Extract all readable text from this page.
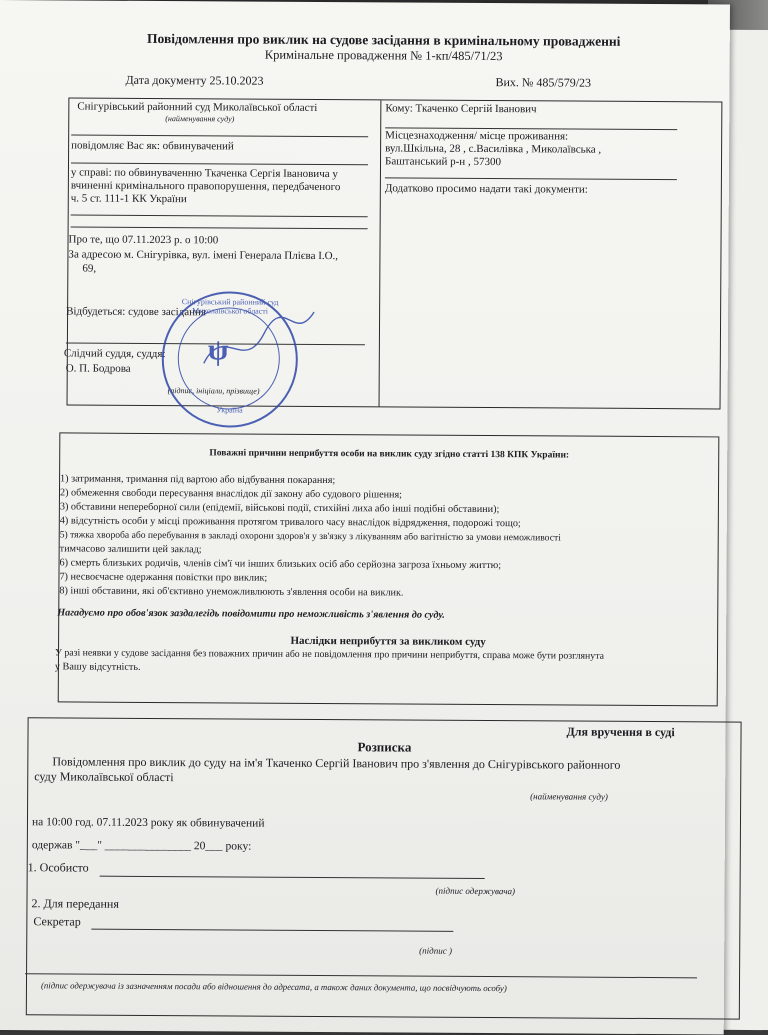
Повідомлення про виклик на судове засідання в кримінальному провадженні
Кримінальне провадження № 1-кп/485/71/23
Дата документу 25.10.2023	Вих. № 485/579/23
Снігурівський районний суд Миколаївської області
(найменування суду)
повідомляє Вас як: обвинувачений
у справі: по обвинуваченню Ткаченка Сергія Івановича у
вчиненні кримінального правопорушення, передбаченого
ч. 5 ст. 111-1 КК України
Про те, що 07.11.2023 р. о 10:00
За адресою м. Снігурівка, вул. імені Генерала Плієва І.О.,
69,
Відбудеться: судове засідання
Слідчий суддя, суддя:
О. П. Бодрова
(підпис, ініціали, прізвище)
Кому: Ткаченко Сергій Іванович
Місцезнаходження/ місце проживання:
вул.Шкільна, 28 , с.Василівка , Миколаївська ,
Баштанський р-н , 57300
Додатково просимо надати такі документи:
ψ
Снігурівський районний суд Миколаївської області
Україна
Поважні причини неприбуття особи на виклик суду згідно статті 138 КПК України:
1) затримання, тримання під вартою або відбування покарання;
2) обмеження свободи пересування внаслідок дії закону або судового рішення;
3) обставини непереборної сили (епідемії, військові події, стихійні лиха або інші подібні обставини);
4) відсутність особи у місці проживання протягом тривалого часу внаслідок відрядження, подорожі тощо;
5) тяжка хвороба або перебування в закладі охорони здоров'я у зв'язку з лікуванням або вагітністю за умови неможливості
тимчасово залишити цей заклад;
6) смерть близьких родичів, членів сім'ї чи інших близьких осіб або серйозна загроза їхньому життю;
7) несвоєчасне одержання повістки про виклик;
8) інші обставини, які об'єктивно унеможливлюють з'явлення особи на виклик.
Нагадуємо про обов'язок заздалегідь повідомити про неможливість з'явлення до суду.
Наслідки неприбуття за викликом суду
У разі неявки у судове засідання без поважних причин або не повідомлення про причини неприбуття, справа може бути розглянута
у Вашу відсутність.
Для вручення в суді
Розписка
Повідомлення про виклик до суду на ім'я Ткаченко Сергій Іванович про з'явлення до Снігурівського районного
суду Миколаївської області
(найменування суду)
на 10:00 год. 07.11.2023 року як обвинувачений
одержав "___" _______________ 20___ року:
1. Особисто
(підпис одержувача)
2. Для передання
Секретар
(підпис )
(підпис одержувача із зазначенням посади або відношення до адресата, а також даних документа, що посвідчують особу)
